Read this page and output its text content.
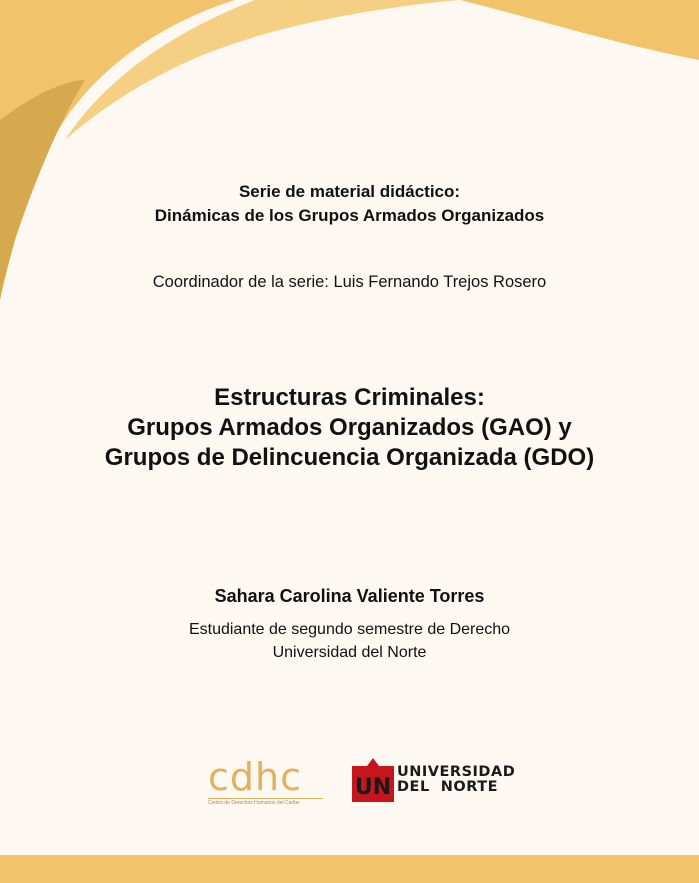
Serie de material didáctico:
Dinámicas de los Grupos Armados Organizados
Coordinador de la serie: Luis Fernando Trejos Rosero
Estructuras Criminales:
Grupos Armados Organizados (GAO) y
Grupos de Delincuencia Organizada (GDO)
Sahara Carolina Valiente Torres
Estudiante de segundo semestre de Derecho
Universidad del Norte
cdhc
Centro de Derechos Humanos del Caribe
UN
UNIVERSIDAD
DEL  NORTE
